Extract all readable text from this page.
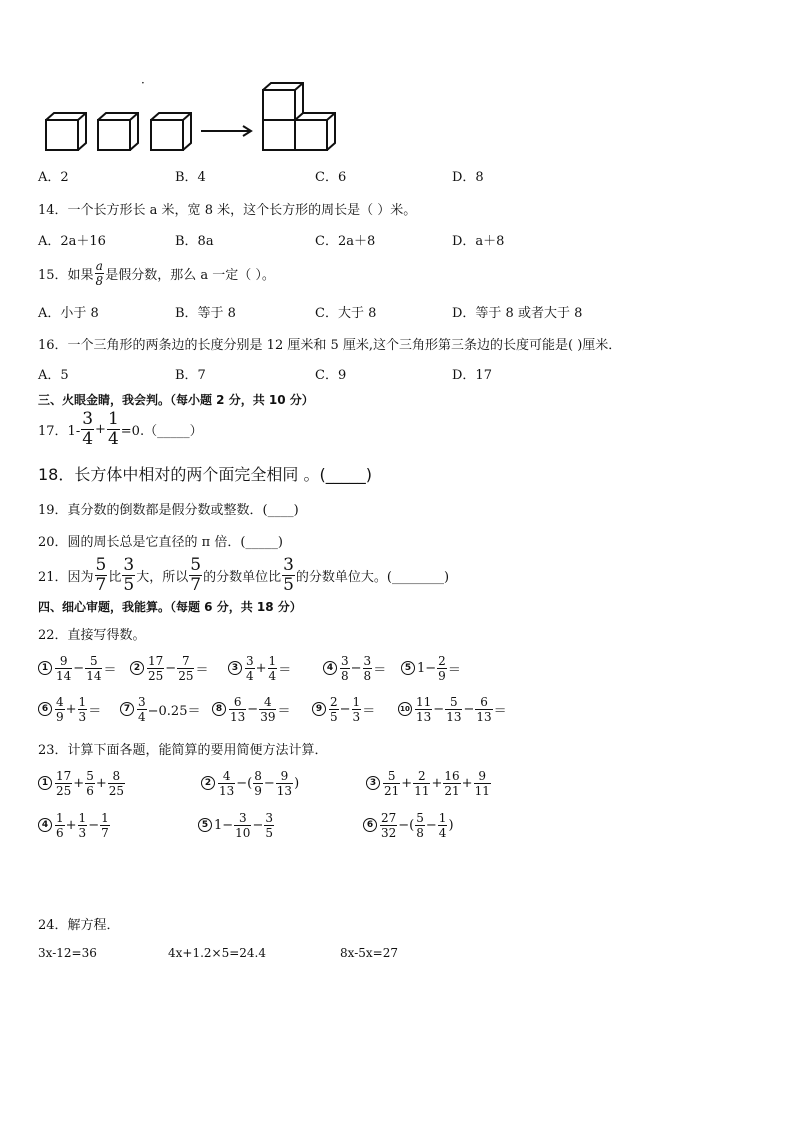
·
A．2	B．4	C．6	D．8
14．一个长方形长 a 米，宽 8 米，这个长方形的周长是（ ）米。
A．2a＋16	B．8a	C．2a＋8	D．a＋8
15．如果 $\frac{a}{8}$ 是假分数，那么 a 一定（ ）。
A．小于 8	B．等于 8	C．大于 8	D．等于 8 或者大于 8
16．一个三角形的两条边的长度分别是 12 厘米和 5 厘米,这个三角形第三条边的长度可能是( )厘米．
A．5	B．7	C．9	D．17
三、火眼金睛，我会判。（每小题 2 分，共 10 分）
17．$1- \frac{3}{4} + \frac{1}{4}$ =0.（_____）
18．长方体中相对的两个面完全相同 。(_____)
19．真分数的倒数都是假分数或整数．(____)
20．圆的周长总是它直径的 π 倍．(_____)
21．因为 $\frac{5}{7}$ 比 $\frac{3}{5}$ 大，所以 $\frac{5}{7}$ 的分数单位比 $\frac{3}{5}$ 的分数单位大。(________)
四、细心审题，我能算。（每题 6 分，共 18 分）
22．直接写得数。
$1 \frac{9}{14} - \frac{5}{14}$ ＝	$2 \frac{17}{25} - \frac{7}{25}$ ＝	$3 \frac{3}{4} + \frac{1}{4}$ ＝	$4 \frac{3}{8} - \frac{3}{8}$ ＝	5 $1- \frac{2}{9}$ ＝
$6 \frac{4}{9} + \frac{1}{3}$ ＝	$7 \frac{3}{4} -0.25=$	$8 \frac{6}{13} - \frac{4}{39}$ ＝	$9 \frac{2}{5} - \frac{1}{3}$ ＝	$10 \frac{11}{13} - \frac{5}{13} - \frac{6}{13}$ ＝
23．计算下面各题，能简算的要用简便方法计算．
$1 \frac{17}{25} + \frac{5}{6} + \frac{8}{25}$	$2 \frac{4}{13}$ −( $\frac{8}{9} - \frac{9}{13}$ )	$3 \frac{5}{21} + \frac{2}{11} + \frac{16}{21} + \frac{9}{11}$
$4 \frac{1}{6} + \frac{1}{3} - \frac{1}{7}$	5 $1- \frac{3}{10} - \frac{3}{5}$	$6 \frac{27}{32}$ −( $\frac{5}{8} - \frac{1}{4}$ )
24．解方程．
3x-12=36	4x+1.2×5=24.4	8x-5x=27
